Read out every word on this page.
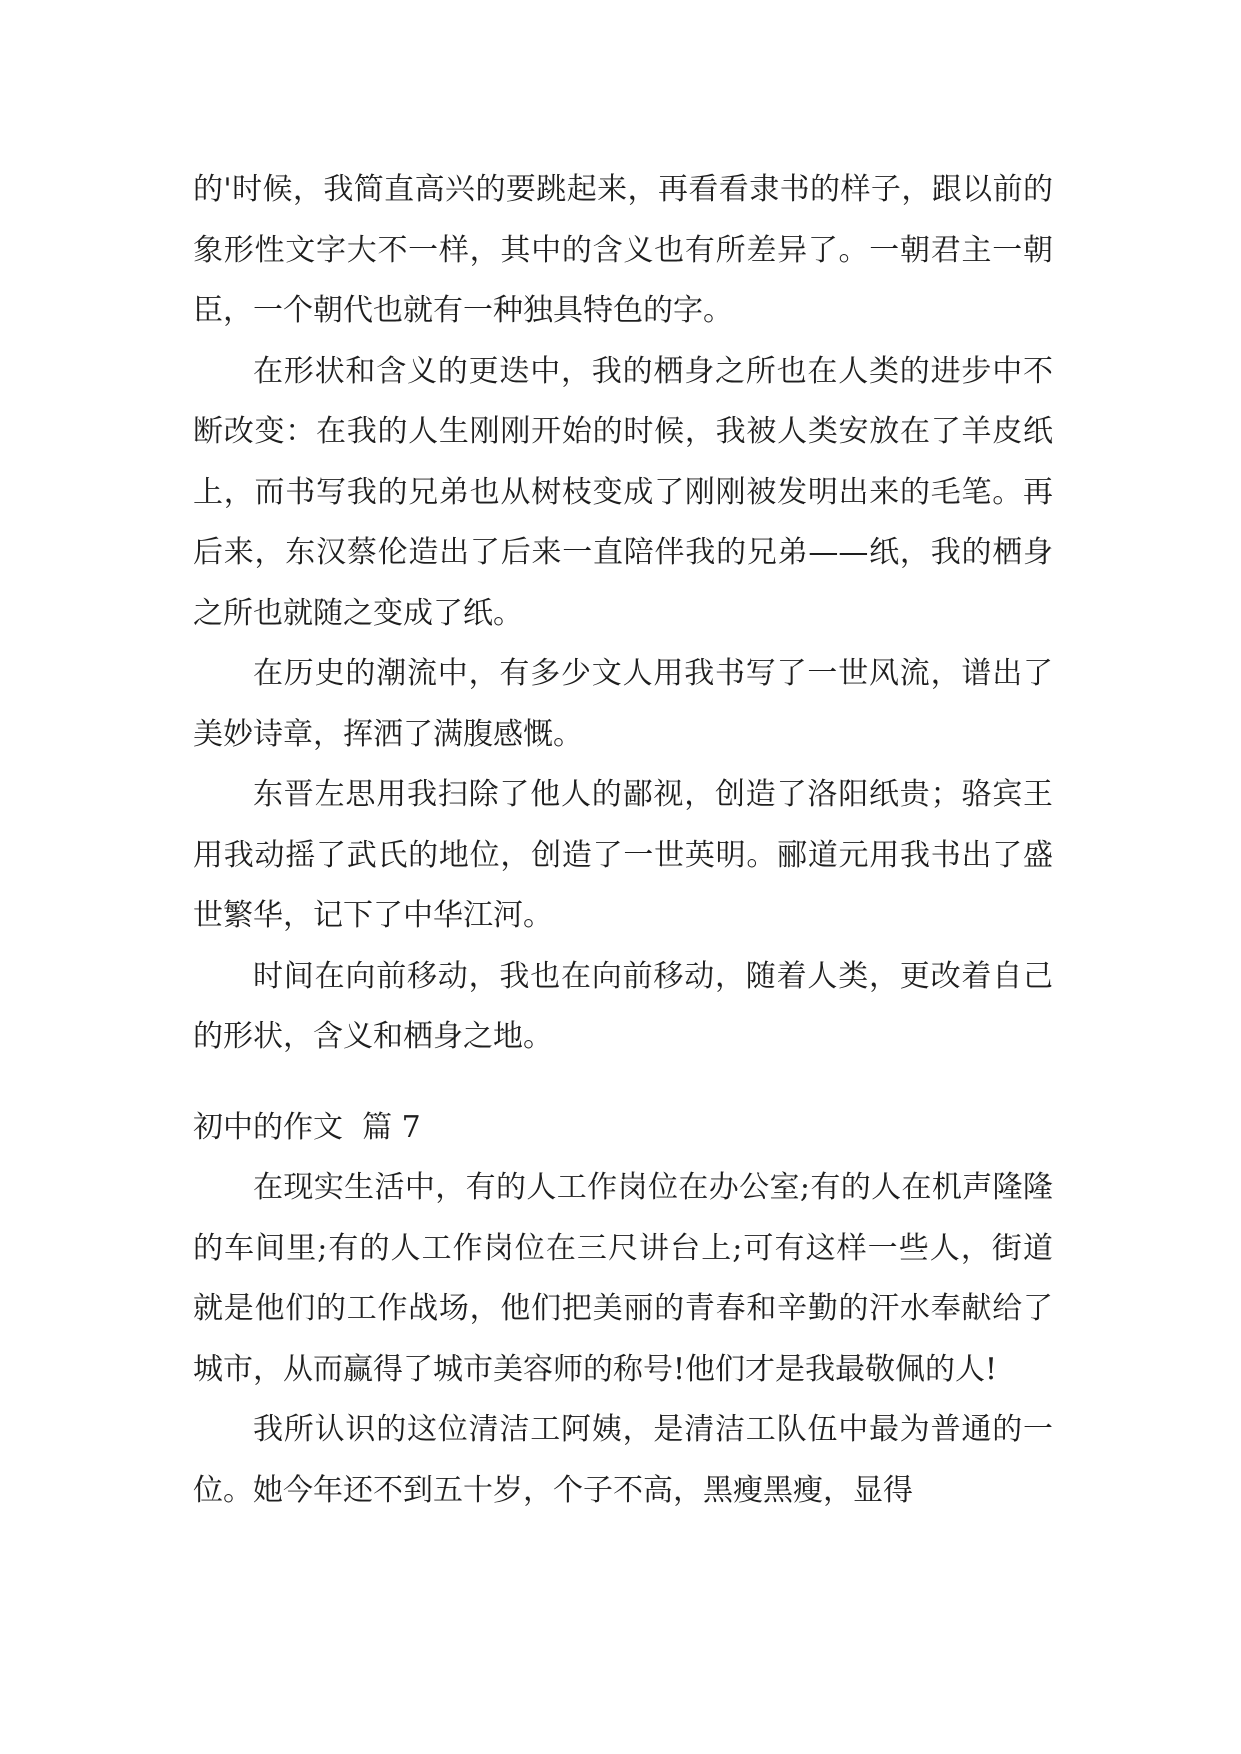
的'时候，我简直高兴的要跳起来，再看看隶书的样子，跟以前的象形性文字大不一样，其中的含义也有所差异了。一朝君主一朝臣，一个朝代也就有一种独具特色的字。

在形状和含义的更迭中，我的栖身之所也在人类的进步中不断改变：在我的人生刚刚开始的时候，我被人类安放在了羊皮纸上，而书写我的兄弟也从树枝变成了刚刚被发明出来的毛笔。再后来，东汉蔡伦造出了后来一直陪伴我的兄弟——纸，我的栖身之所也就随之变成了纸。

在历史的潮流中，有多少文人用我书写了一世风流，谱出了美妙诗章，挥洒了满腹感慨。

东晋左思用我扫除了他人的鄙视，创造了洛阳纸贵；骆宾王用我动摇了武氏的地位，创造了一世英明。郦道元用我书出了盛世繁华，记下了中华江河。

时间在向前移动，我也在向前移动，随着人类，更改着自己的形状，含义和栖身之地。

初中的作文  篇 7

在现实生活中，有的人工作岗位在办公室;有的人在机声隆隆的车间里;有的人工作岗位在三尺讲台上;可有这样一些人，街道就是他们的工作战场，他们把美丽的青春和辛勤的汗水奉献给了城市，从而赢得了城市美容师的称号!他们才是我最敬佩的人!

我所认识的这位清洁工阿姨，是清洁工队伍中最为普通的一位。她今年还不到五十岁，个子不高，黑瘦黑瘦，显得
